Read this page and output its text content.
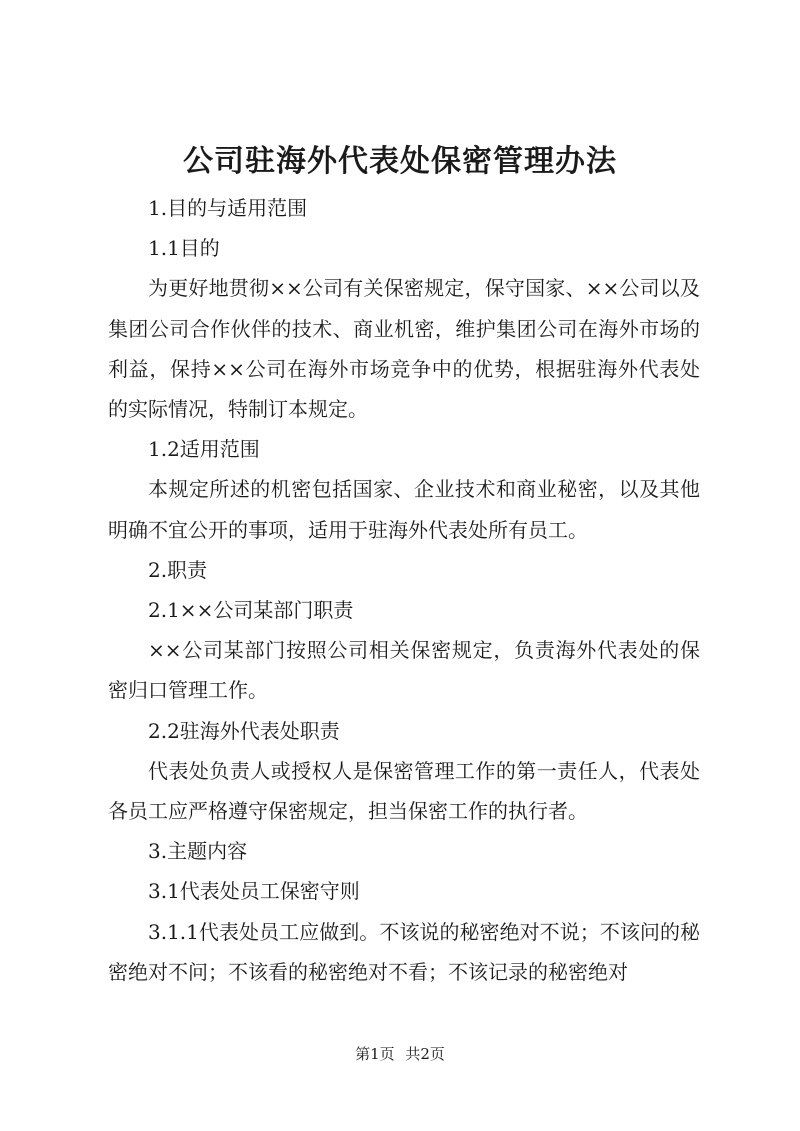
公司驻海外代表处保密管理办法

1.目的与适用范围

1.1目的

为更好地贯彻××公司有关保密规定，保守国家、××公司以及集团公司合作伙伴的技术、商业机密，维护集团公司在海外市场的利益，保持××公司在海外市场竞争中的优势，根据驻海外代表处的实际情况，特制订本规定。

1.2适用范围

本规定所述的机密包括国家、企业技术和商业秘密，以及其他明确不宜公开的事项，适用于驻海外代表处所有员工。

2.职责

2.1××公司某部门职责

××公司某部门按照公司相关保密规定，负责海外代表处的保密归口管理工作。

2.2驻海外代表处职责

代表处负责人或授权人是保密管理工作的第一责任人，代表处各员工应严格遵守保密规定，担当保密工作的执行者。

3.主题内容

3.1代表处员工保密守则

3.1.1代表处员工应做到。不该说的秘密绝对不说；不该问的秘密绝对不问；不该看的秘密绝对不看；不该记录的秘密绝对

第1页 共2页
